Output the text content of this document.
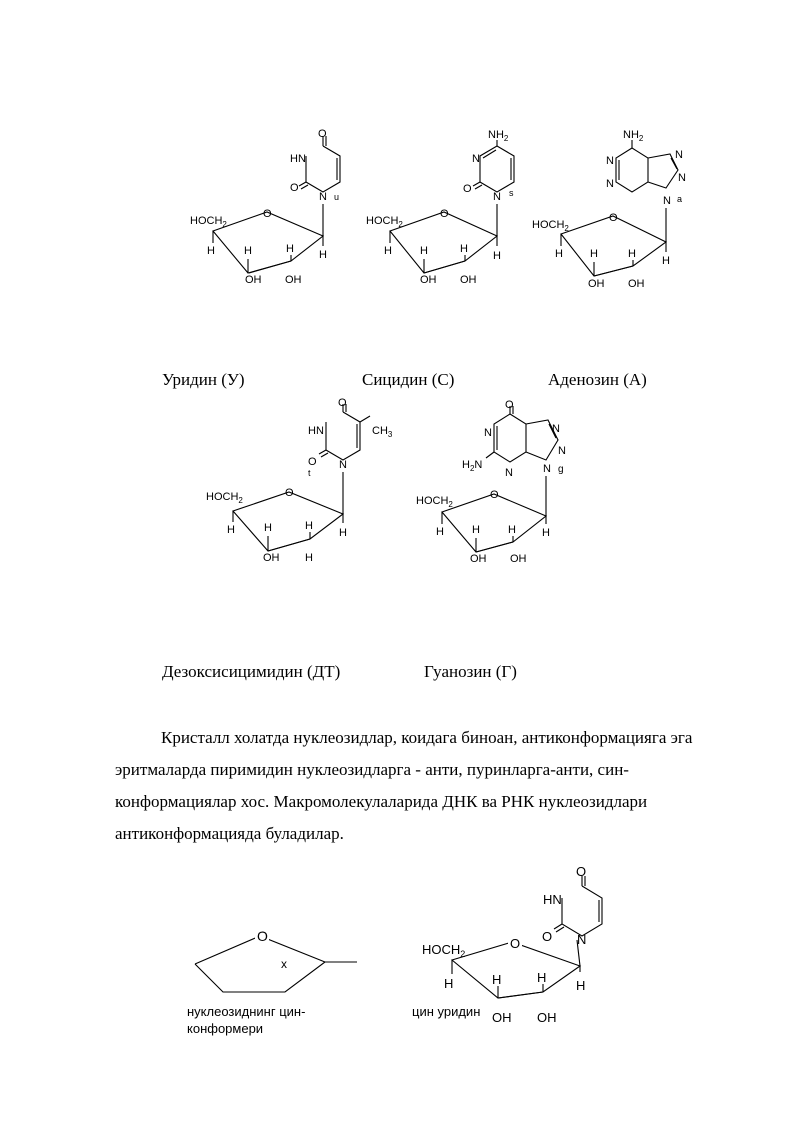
O
HN
O
N u
O
$HOCH_2$
H	H
H	H
OH OH
$NH_2$
N
O
N s
O
$HOCH_2$
H	H
H	H
OH OH
$NH_2$
N
N
N
N
N a
O
$HOCH_2$
H
H
H	H
OH OH
Уридин (У)	Сицидин (С)	Аденозин (А)
O
$CH_3$
HN
O
t
N
O
$HOCH_2$
H	H
H	H
OH H
O
N
N
$H_2N$
N
N
N g
O
$HOCH_2$
H	H
H	H
OH OH
Дезоксисицимидин (ДТ)	Гуанозин (Г)

Кристалл холатда нуклеозидлар, коидага биноан, антиконформацияга эга эритмаларда пиримидин нуклеозидларга - анти, пуринларга-анти, син-конформациялар хос. Макромолекулаларида ДНК ва РНК нуклеозидлари антиконформацияда буладилар.

O
x
нуклеозиднинг цин-
конформери
O
HN
O N
O
$HOCH_2$
H	H
H	H
OH OH
цин уридин
